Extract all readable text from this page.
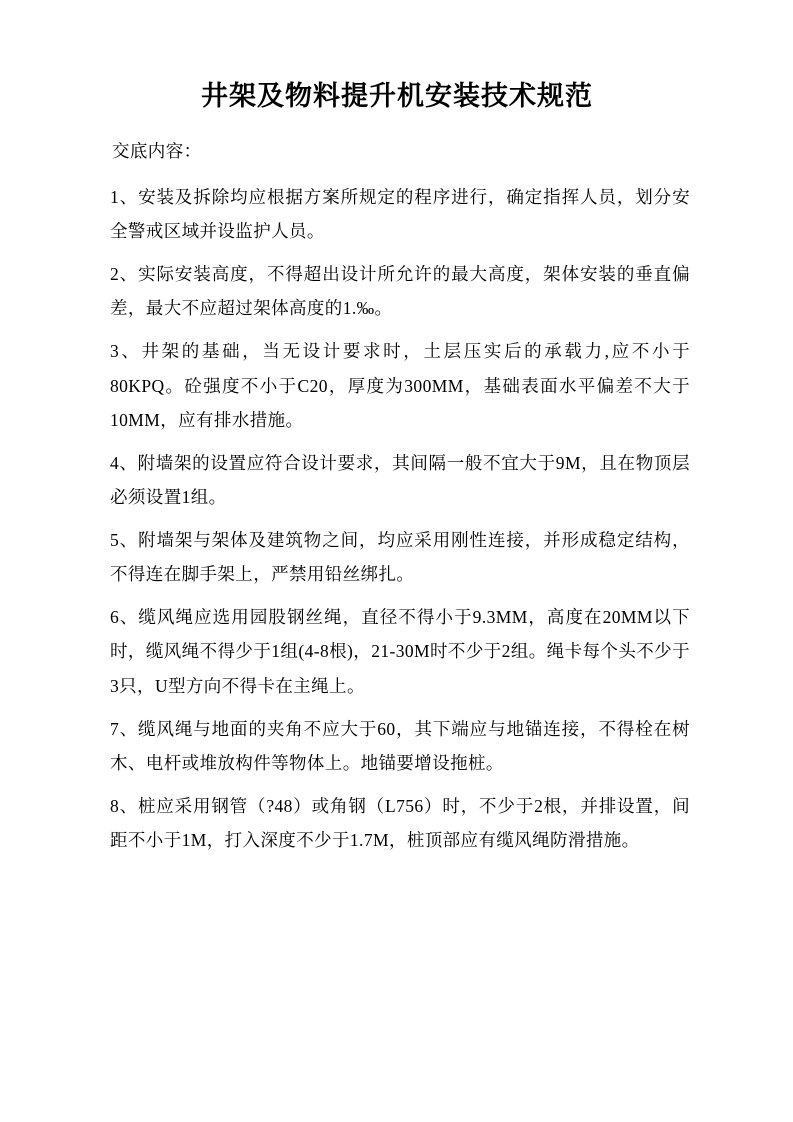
井架及物料提升机安装技术规范

交底内容：

1、安装及拆除均应根据方案所规定的程序进行，确定指挥人员，划分安全警戒区域并设监护人员。

2、实际安装高度，不得超出设计所允许的最大高度，架体安装的垂直偏差，最大不应超过架体高度的1.‰。

3、井架的基础，当无设计要求时，土层压实后的承载力,应不小于80KPQ。砼强度不小于C20，厚度为300MM，基础表面水平偏差不大于10MM，应有排水措施。

4、附墙架的设置应符合设计要求，其间隔一般不宜大于9M，且在物顶层必须设置1组。

5、附墙架与架体及建筑物之间，均应采用刚性连接，并形成稳定结构，不得连在脚手架上，严禁用铅丝绑扎。

6、缆风绳应选用园股钢丝绳，直径不得小于9.3MM，高度在20MM以下时，缆风绳不得少于1组(4-8根)，21-30M时不少于2组。绳卡每个头不少于3只，U型方向不得卡在主绳上。

7、缆风绳与地面的夹角不应大于60，其下端应与地锚连接，不得栓在树木、电杆或堆放构件等物体上。地锚要增设拖桩。

8、桩应采用钢管（?48）或角钢（L756）时，不少于2根，并排设置，间距不小于1M，打入深度不少于1.7M，桩顶部应有缆风绳防滑措施。
